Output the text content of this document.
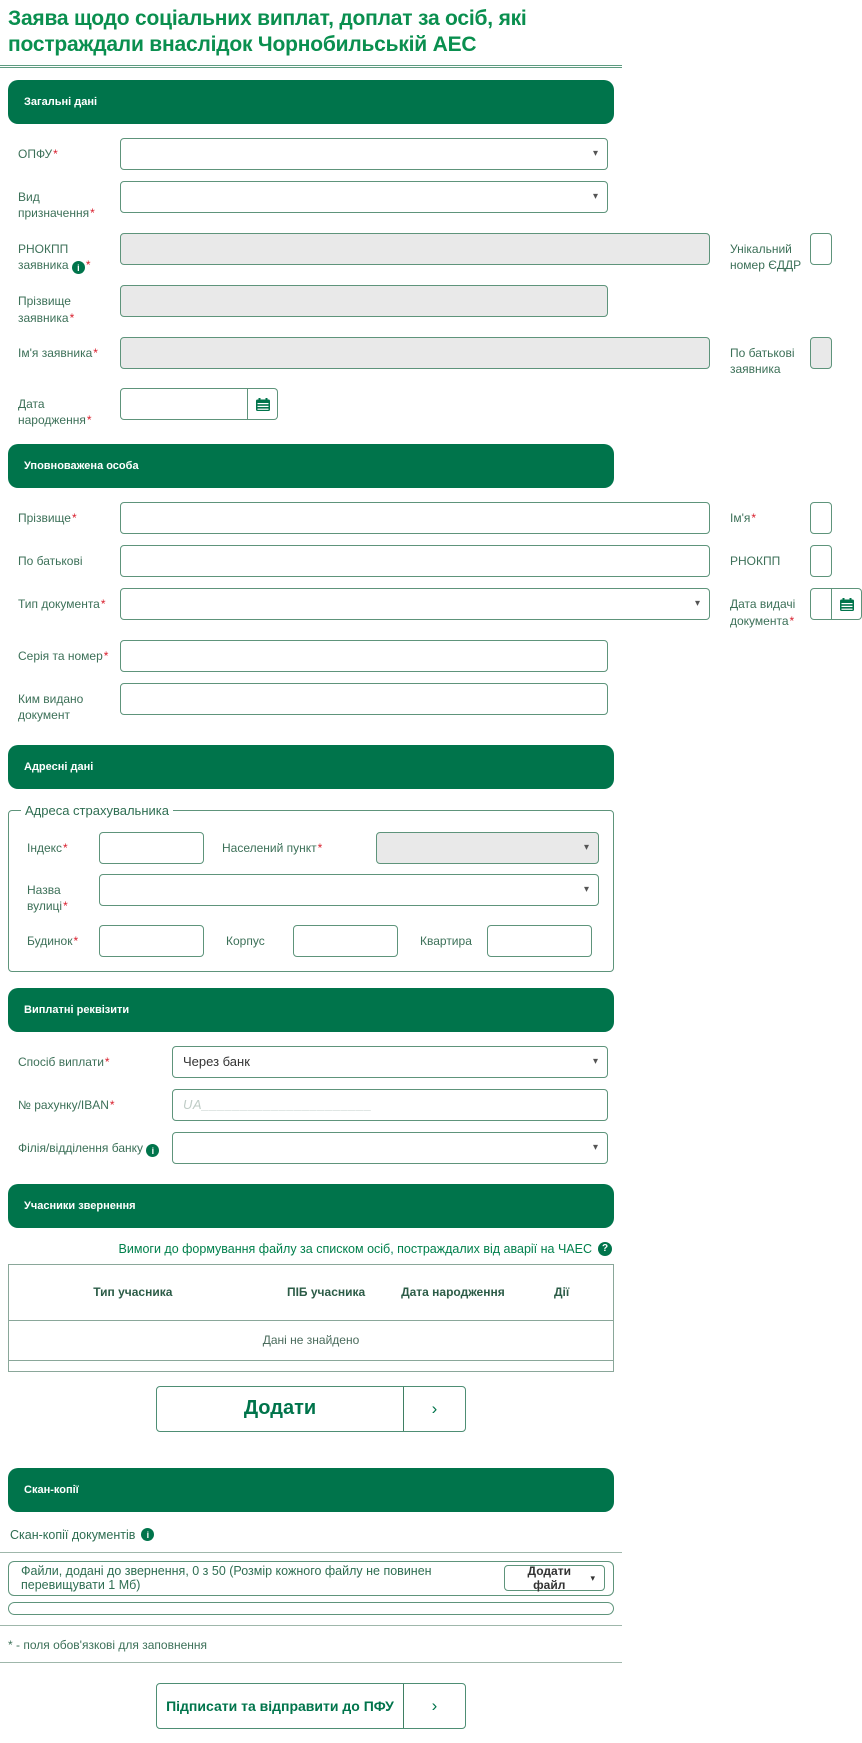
Заява щодо соціальних виплат, доплат за осіб, які постраждали внаслідок Чорнобильській АЕС
Загальні дані
ОПФУ*	▾
Вид призначення*
▾
РНОКПП заявника i *
Унікальний номер ЄДДР
Прізвище заявника*
Ім'я заявника*	По батькові заявника
Дата народження*
Уповноважена особа
Прізвище*	Ім'я*
По батькові	РНОКПП
Тип документа*	▾	Дата видачі документа*
__.__.____
Серія та номер*
Ким видано документ
Адресні дані
Адреса страхувальника
Індекс*	Населений пункт*	▾
Назва вулиці*
▾
Будинок*	Корпус	Квартира
Виплатні реквізити
Спосіб виплати*	Через банк	▾
№ рахунку/IBAN*
UA______________________
Філія/відділення банку i	▾
Учасники звернення
Вимоги до формування файлу за списком осіб, постраждалих від аварії на ЧАЕС ?
Тип учасника	ПІБ учасника	Дата народження	Дії
Дані не знайдено
Додати	›
Скан-копії
Скан-копії документів	i
Файли, додані до звернення, 0 з 50 (Розмір кожного файлу не повинен перевищувати 1 Мб)
Додати файл
▾
* - поля обов'язкові для заповнення
Підписати та відправити до ПФУ	›
